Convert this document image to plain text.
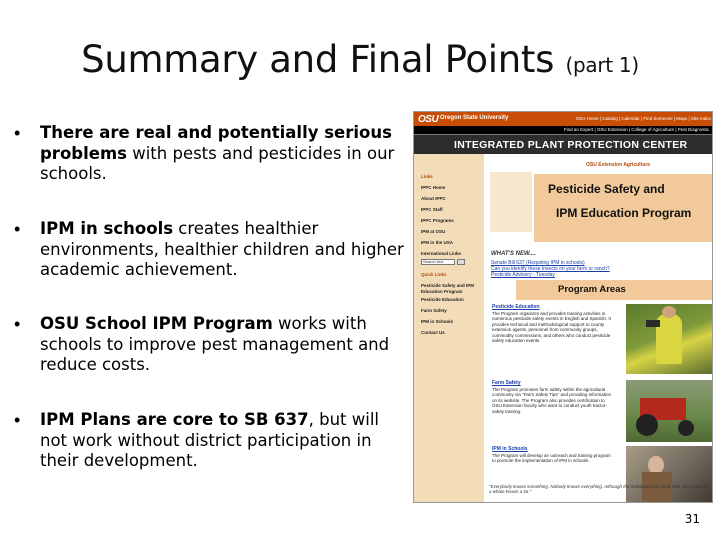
Summary and Final Points (part 1)
•	There are real and potentially serious problems with pests and pesticides in our schools.
•	IPM in schools creates healthier environments, healthier children and higher academic achievement.
•	OSU School IPM Program works with schools to improve pest management and reduce costs.
•	IPM Plans are core to SB 637, but will not work without district participation in their development.
OSU Oregon State University	OSU Home | Catalog | Calendar | Find Someone | Maps | Site Index
Find an Expert | OSU Extension | College of Agriculture | Pest Diagnostic
INTEGRATED PLANT PROTECTION CENTER
Links
IPPC Home
About IPPC
IPPC Staff
IPPC Programs
IPM at OSU
IPM in the USA
International Links
Search text
Quick Links
Pesticide Safety and IPM Education Program
Pesticide Education
Farm Safety
IPM in Schools
Contact Us
OSU Extension Agriculture
Pesticide Safety and
IPM Education Program
WHAT'S NEW....
Senate Bill 637 (Requiring IPM in schools)
Can you identify these Insects on your farm or ranch?
Pesticide Advisory - Tuesday
Program Areas
Pesticide Education
The Program organizes and provides training activities in numerous pesticide safety events in English and Spanish. It provides technical and methodological support to county extension agents, personnel from community groups, commodity commissions, and others who conduct pesticide safety education events.
Farm Safety
The Program promotes farm safety within the agricultural community via "Farm Safety Tips" and providing information on its website. The Program also provides certification to OSU Extension faculty who want to conduct youth tractor-safety training.
IPM in Schools
The Program will develop an outreach and training program to promote the implementation of IPM in schools.
"Everybody knows something. Nobody knows everything. Although the individual may know little, the group as a whole knows a lot."
31
